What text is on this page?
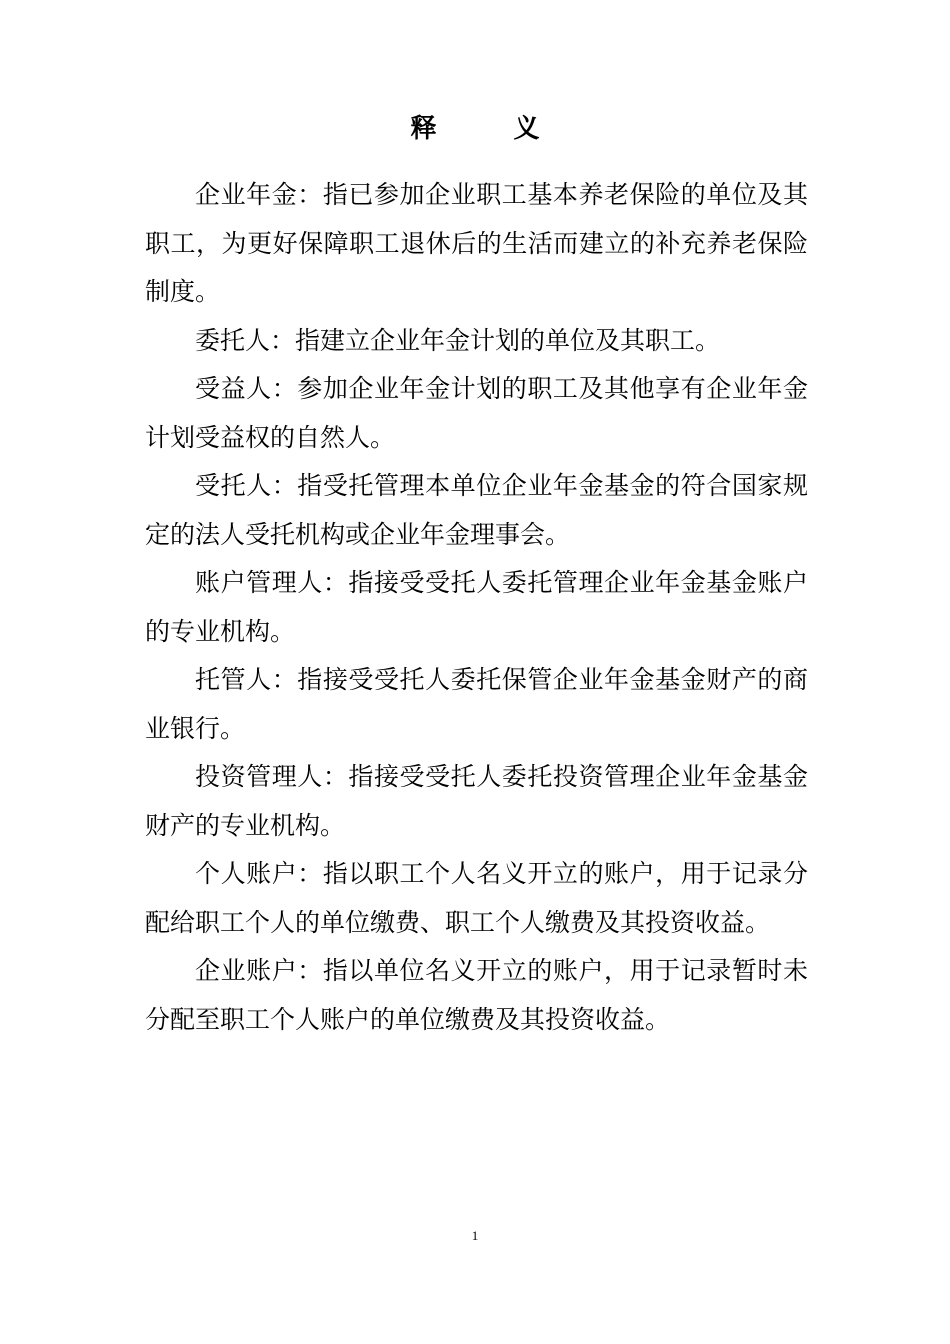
释 义

企业年金：指已参加企业职工基本养老保险的单位及其职工，为更好保障职工退休后的生活而建立的补充养老保险制度。

委托人：指建立企业年金计划的单位及其职工。

受益人：参加企业年金计划的职工及其他享有企业年金计划受益权的自然人。

受托人：指受托管理本单位企业年金基金的符合国家规定的法人受托机构或企业年金理事会。

账户管理人：指接受受托人委托管理企业年金基金账户的专业机构。

托管人：指接受受托人委托保管企业年金基金财产的商业银行。

投资管理人：指接受受托人委托投资管理企业年金基金财产的专业机构。

个人账户：指以职工个人名义开立的账户，用于记录分配给职工个人的单位缴费、职工个人缴费及其投资收益。

企业账户：指以单位名义开立的账户，用于记录暂时未分配至职工个人账户的单位缴费及其投资收益。

1
